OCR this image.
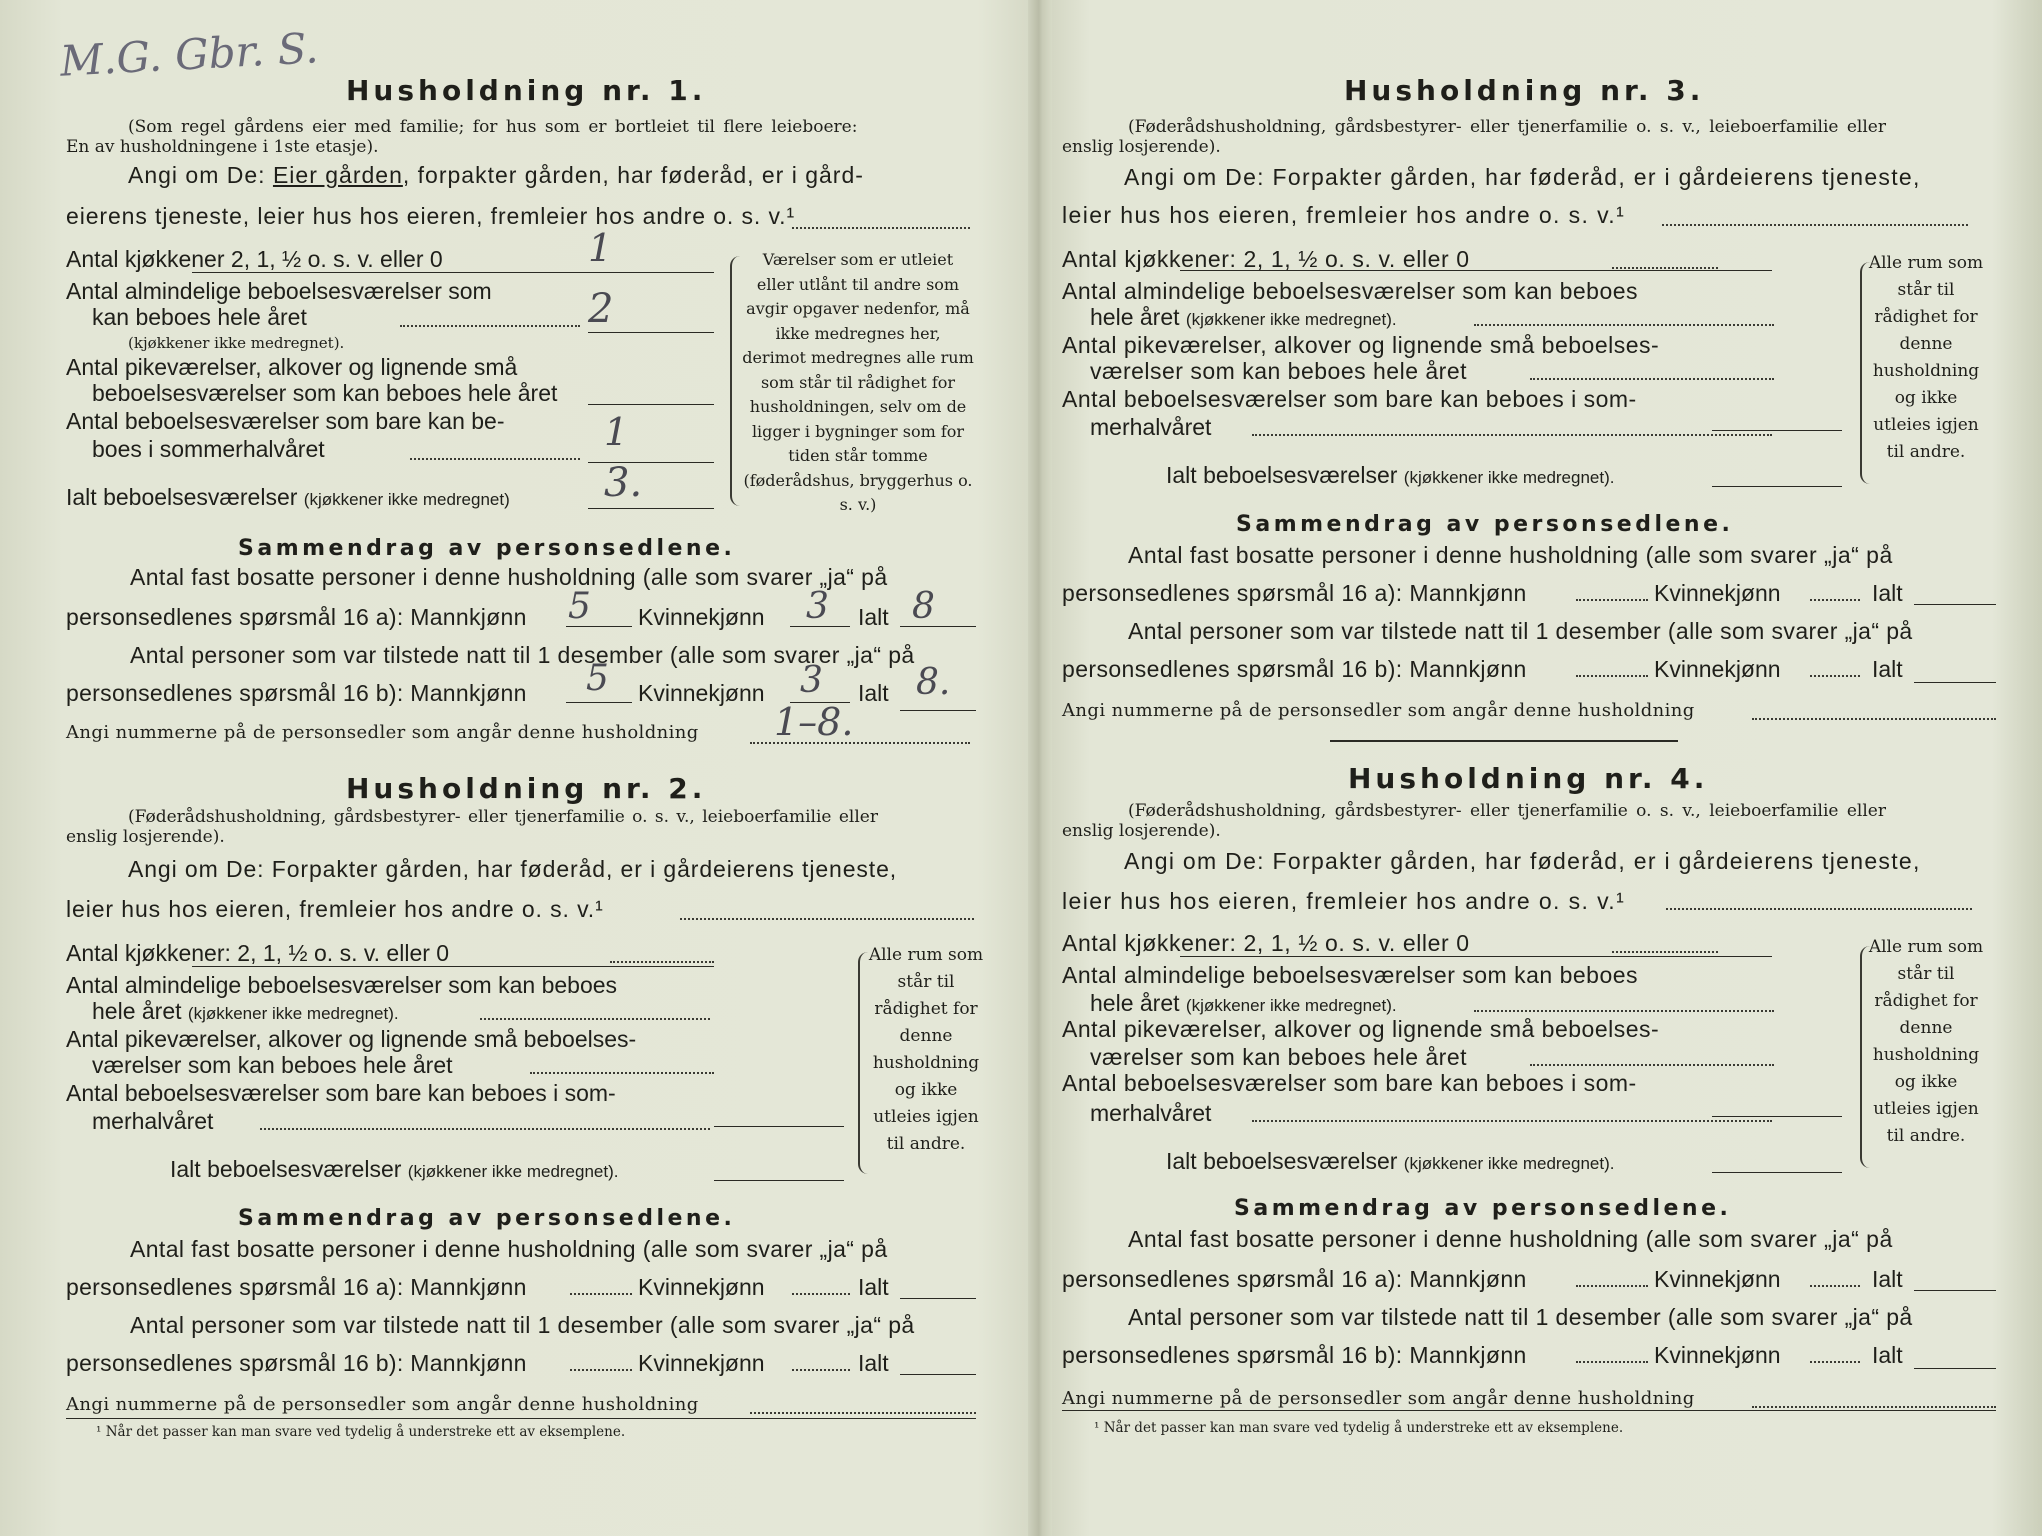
M.G. Gbr. S.
Husholdning nr. 1.
(Som regel gårdens eier med familie; for hus som er bortleiet til flere leieboere:
En av husholdningene i 1ste etasje).
Angi om De: Eier gården, forpakter gården, har føderåd, er i gård-
eierens tjeneste, leier hus hos eieren, fremleier hos andre o. s. v.¹
Antal kjøkkener 2, 1, ½ o. s. v. eller 0	1
Antal almindelige beboelsesværelser som
kan beboes hele året	2
(kjøkkener ikke medregnet).
Antal pikeværelser, alkover og lignende små
beboelsesværelser som kan beboes hele året
Antal beboelsesværelser som bare kan be-
boes i sommerhalvåret	1
Ialt beboelsesværelser (kjøkkener ikke medregnet) 3.
Værelser som er utleiet eller utlånt til andre som avgir opgaver nedenfor, må ikke medregnes her, derimot medregnes alle rum som står til rådighet for husholdningen, selv om de ligger i bygninger som for tiden står tomme (føderådshus, bryggerhus o. s. v.)
Sammendrag av personsedlene.
Antal fast bosatte personer i denne husholdning (alle som svarer „ja“ på
personsedlenes spørsmål 16 a): Mannkjønn 5 Kvinnekjønn 3 Ialt 8
Antal personer som var tilstede natt til 1 desember (alle som svarer „ja“ på
personsedlenes spørsmål 16 b): Mannkjønn 5 Kvinnekjønn 3 Ialt 8.
Angi nummerne på de personsedler som angår denne husholdning 1–8.
Husholdning nr. 2.
(Føderådshusholdning, gårdsbestyrer- eller tjenerfamilie o. s. v., leieboerfamilie eller
enslig losjerende).
Angi om De: Forpakter gården, har føderåd, er i gårdeierens tjeneste,
leier hus hos eieren, fremleier hos andre o. s. v.¹
Antal kjøkkener: 2, 1, ½ o. s. v. eller 0
Antal almindelige beboelsesværelser som kan beboes
hele året (kjøkkener ikke medregnet).
Antal pikeværelser, alkover og lignende små beboelses-
værelser som kan beboes hele året
Antal beboelsesværelser som bare kan beboes i som-
merhalvåret
Ialt beboelsesværelser (kjøkkener ikke medregnet).
Alle rum som står til rådighet for denne husholdning og ikke utleies igjen til andre.
Sammendrag av personsedlene.
Antal fast bosatte personer i denne husholdning (alle som svarer „ja“ på
personsedlenes spørsmål 16 a): Mannkjønn	Kvinnekjønn	Ialt
Antal personer som var tilstede natt til 1 desember (alle som svarer „ja“ på
personsedlenes spørsmål 16 b): Mannkjønn	Kvinnekjønn	Ialt
Angi nummerne på de personsedler som angår denne husholdning
¹ Når det passer kan man svare ved tydelig å understreke ett av eksemplene.
Husholdning nr. 3.
(Føderådshusholdning, gårdsbestyrer- eller tjenerfamilie o. s. v., leieboerfamilie eller
enslig losjerende).
Angi om De: Forpakter gården, har føderåd, er i gårdeierens tjeneste,
leier hus hos eieren, fremleier hos andre o. s. v.¹
Antal kjøkkener: 2, 1, ½ o. s. v. eller 0
Antal almindelige beboelsesværelser som kan beboes
hele året (kjøkkener ikke medregnet).
Antal pikeværelser, alkover og lignende små beboelses-
værelser som kan beboes hele året
Antal beboelsesværelser som bare kan beboes i som-
merhalvåret
Ialt beboelsesværelser (kjøkkener ikke medregnet).
Alle rum som står til rådighet for denne husholdning og ikke utleies igjen til andre.
Sammendrag av personsedlene.
Antal fast bosatte personer i denne husholdning (alle som svarer „ja“ på
personsedlenes spørsmål 16 a): Mannkjønn	Kvinnekjønn	Ialt
Antal personer som var tilstede natt til 1 desember (alle som svarer „ja“ på
personsedlenes spørsmål 16 b): Mannkjønn	Kvinnekjønn	Ialt
Angi nummerne på de personsedler som angår denne husholdning
Husholdning nr. 4.
(Føderådshusholdning, gårdsbestyrer- eller tjenerfamilie o. s. v., leieboerfamilie eller
enslig losjerende).
Angi om De: Forpakter gården, har føderåd, er i gårdeierens tjeneste,
leier hus hos eieren, fremleier hos andre o. s. v.¹
Antal kjøkkener: 2, 1, ½ o. s. v. eller 0
Antal almindelige beboelsesværelser som kan beboes
hele året (kjøkkener ikke medregnet).
Antal pikeværelser, alkover og lignende små beboelses-
værelser som kan beboes hele året
Antal beboelsesværelser som bare kan beboes i som-
merhalvåret
Ialt beboelsesværelser (kjøkkener ikke medregnet).
Alle rum som står til rådighet for denne husholdning og ikke utleies igjen til andre.
Sammendrag av personsedlene.
Antal fast bosatte personer i denne husholdning (alle som svarer „ja“ på
personsedlenes spørsmål 16 a): Mannkjønn	Kvinnekjønn	Ialt
Antal personer som var tilstede natt til 1 desember (alle som svarer „ja“ på
personsedlenes spørsmål 16 b): Mannkjønn	Kvinnekjønn	Ialt
Angi nummerne på de personsedler som angår denne husholdning
¹ Når det passer kan man svare ved tydelig å understreke ett av eksemplene.
